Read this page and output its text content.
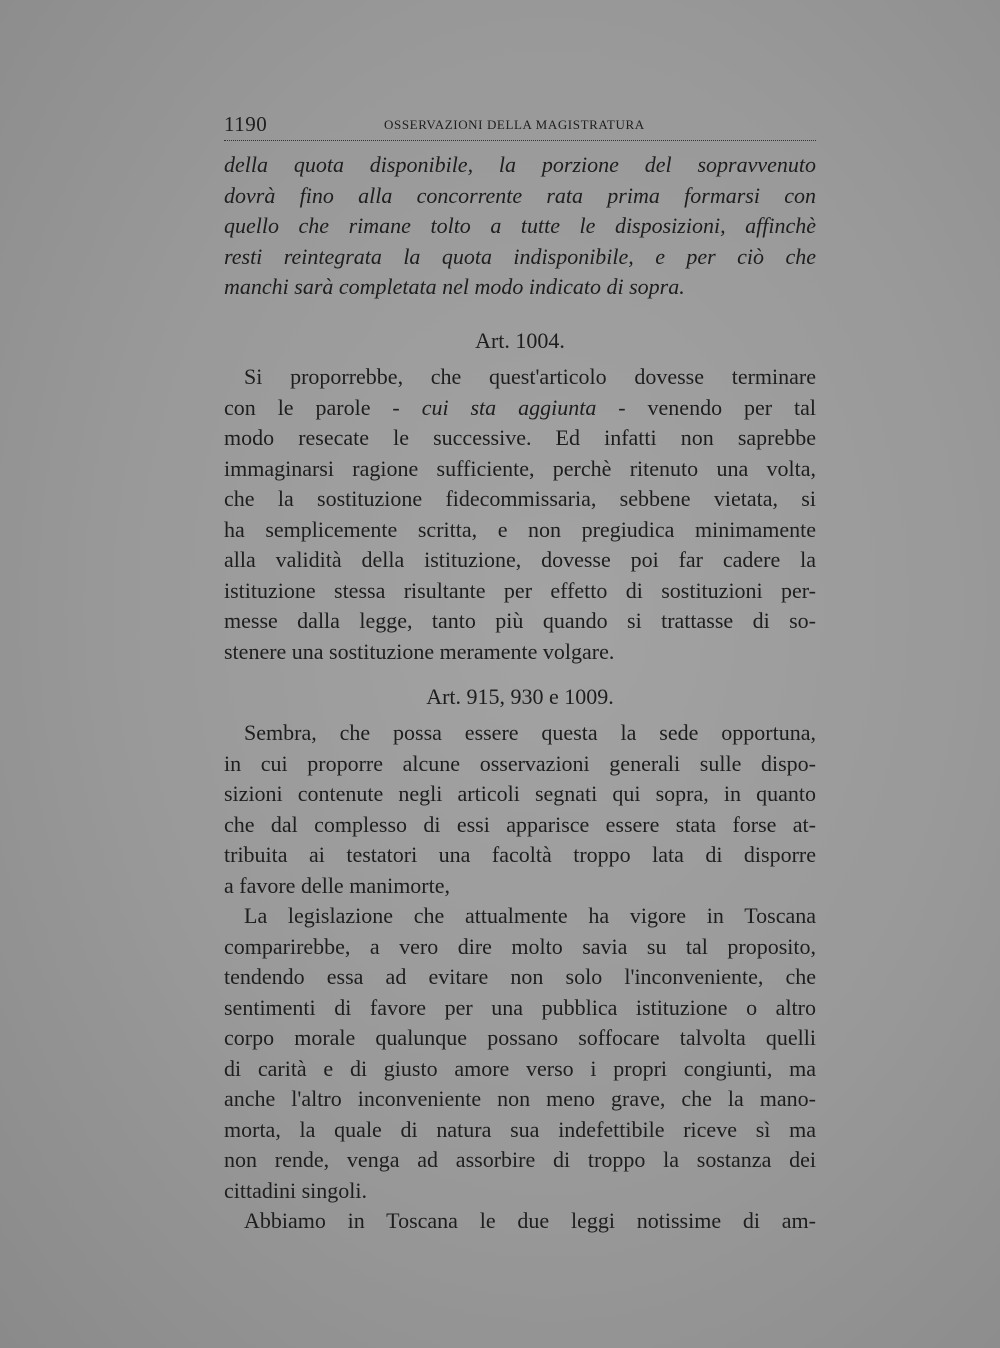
1190	OSSERVAZIONI DELLA MAGISTRATURA
della quota disponibile, la porzione del sopravvenuto
dovrà fino alla concorrente rata prima formarsi con
quello che rimane tolto a tutte le disposizioni, affinchè
resti reintegrata la quota indisponibile, e per ciò che
manchi sarà completata nel modo indicato di sopra.
Art. 1004.
Si proporrebbe, che quest'articolo dovesse terminare
con le parole - cui sta aggiunta - venendo per tal
modo resecate le successive. Ed infatti non saprebbe
immaginarsi ragione sufficiente, perchè ritenuto una volta,
che la sostituzione fidecommissaria, sebbene vietata, si
ha semplicemente scritta, e non pregiudica minimamente
alla validità della istituzione, dovesse poi far cadere la
istituzione stessa risultante per effetto di sostituzioni per-
messe dalla legge, tanto più quando si trattasse di so-
stenere una sostituzione meramente volgare.
Art. 915, 930 e 1009.
Sembra, che possa essere questa la sede opportuna,
in cui proporre alcune osservazioni generali sulle dispo-
sizioni contenute negli articoli segnati qui sopra, in quanto
che dal complesso di essi apparisce essere stata forse at-
tribuita ai testatori una facoltà troppo lata di disporre
a favore delle manimorte,
La legislazione che attualmente ha vigore in Toscana
comparirebbe, a vero dire molto savia su tal proposito,
tendendo essa ad evitare non solo l'inconveniente, che
sentimenti di favore per una pubblica istituzione o altro
corpo morale qualunque possano soffocare talvolta quelli
di carità e di giusto amore verso i propri congiunti, ma
anche l'altro inconveniente non meno grave, che la mano-
morta, la quale di natura sua indefettibile riceve sì ma
non rende, venga ad assorbire di troppo la sostanza dei
cittadini singoli.
Abbiamo in Toscana le due leggi notissime di am-
